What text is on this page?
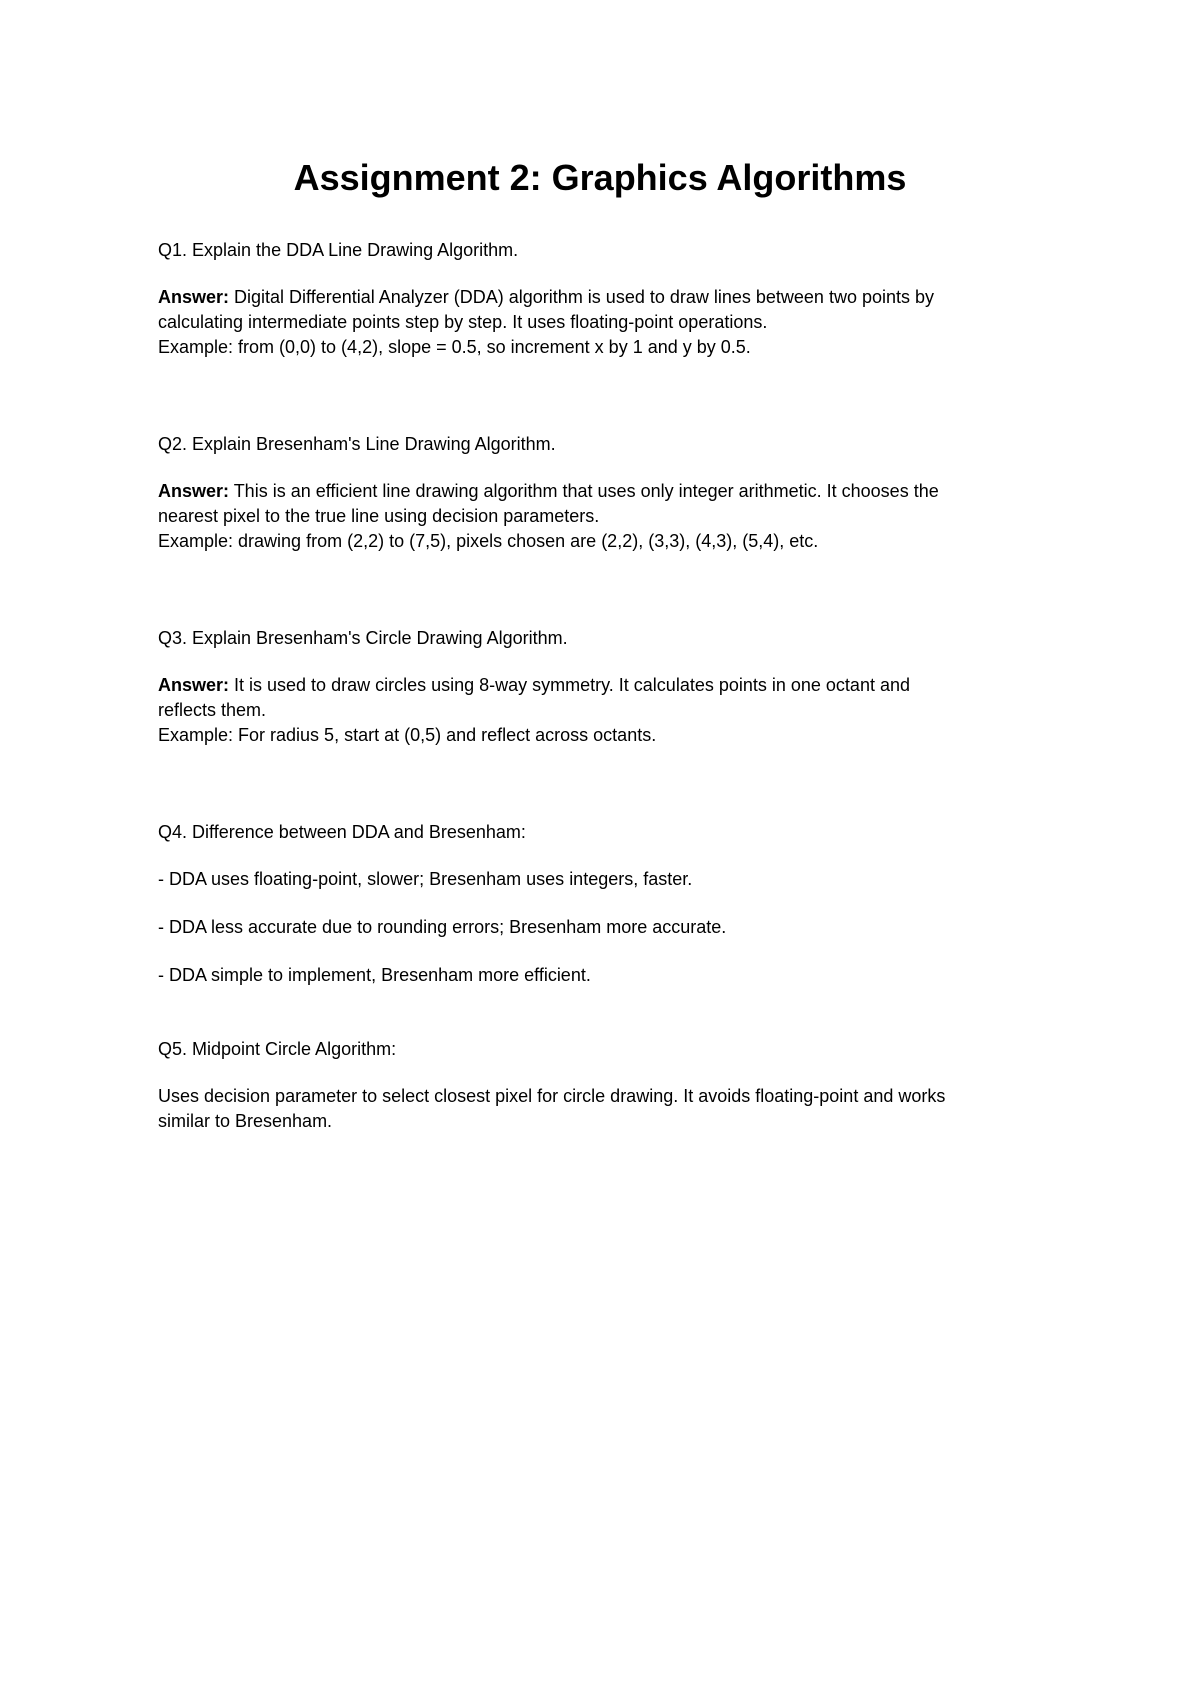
Assignment 2: Graphics Algorithms

Q1. Explain the DDA Line Drawing Algorithm.

Answer: Digital Differential Analyzer (DDA) algorithm is used to draw lines between two points by
calculating intermediate points step by step. It uses floating-point operations.
Example: from (0,0) to (4,2), slope = 0.5, so increment x by 1 and y by 0.5.

Q2. Explain Bresenham's Line Drawing Algorithm.

Answer: This is an efficient line drawing algorithm that uses only integer arithmetic. It chooses the
nearest pixel to the true line using decision parameters.
Example: drawing from (2,2) to (7,5), pixels chosen are (2,2), (3,3), (4,3), (5,4), etc.

Q3. Explain Bresenham's Circle Drawing Algorithm.

Answer: It is used to draw circles using 8-way symmetry. It calculates points in one octant and
reflects them.
Example: For radius 5, start at (0,5) and reflect across octants.

Q4. Difference between DDA and Bresenham:

- DDA uses floating-point, slower; Bresenham uses integers, faster.

- DDA less accurate due to rounding errors; Bresenham more accurate.

- DDA simple to implement, Bresenham more efficient.

Q5. Midpoint Circle Algorithm:

Uses decision parameter to select closest pixel for circle drawing. It avoids floating-point and works
similar to Bresenham.
